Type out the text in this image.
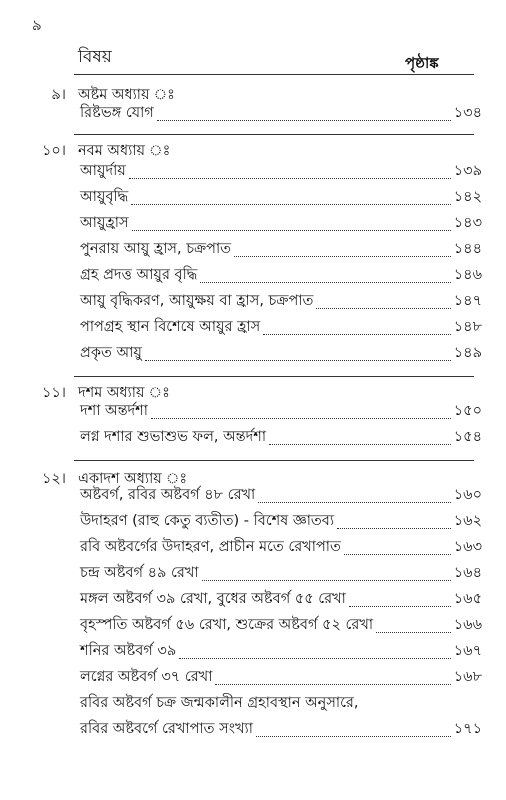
৯
বিষয়	পৃষ্ঠাঙ্ক
৯। অষ্টম অধ্যায় ঃ
রিষ্টভঙ্গ যোগ	১৩৪
১০। নবম অধ্যায় ঃ
আয়ুর্দায়	১৩৯
আয়ুবৃদ্ধি	১৪২
আয়ুহ্রাস	১৪৩
পুনরায় আয়ু হ্রাস, চক্রপাত	১৪৪
গ্রহ প্রদত্ত আয়ুর বৃদ্ধি	১৪৬
আয়ু বৃদ্ধিকরণ, আয়ুক্ষয় বা হ্রাস, চক্রপাত	১৪৭
পাপগ্রহ স্থান বিশেষে আয়ুর হ্রাস	১৪৮
প্রকৃত আয়ু	১৪৯
১১। দশম অধ্যায় ঃ
দশা অন্তর্দশা	১৫০
লগ্ন দশার শুভাশুভ ফল, অন্তর্দশা	১৫৪
১২। একাদশ অধ্যায় ঃ
অষ্টবর্গ, রবির অষ্টবর্গ ৪৮ রেখা	১৬০
উদাহরণ (রাহু কেতু ব্যতীত) - বিশেষ জ্ঞাতব্য	১৬২
রবি অষ্টবর্গের উদাহরণ, প্রাচীন মতে রেখাপাত	১৬৩
চন্দ্র অষ্টবর্গ ৪৯ রেখা	১৬৪
মঙ্গল অষ্টবর্গ ৩৯ রেখা, বুধের অষ্টবর্গ ৫৫ রেখা	১৬৫
বৃহস্পতি অষ্টবর্গ ৫৬ রেখা, শুক্রের অষ্টবর্গ ৫২ রেখা	১৬৬
শনির অষ্টবর্গ ৩৯	১৬৭
লগ্নের অষ্টবর্গ ৩৭ রেখা	১৬৮
রবির অষ্টবর্গ চক্র জন্মকালীন গ্রহাবস্থান অনুসারে,
রবির অষ্টবর্গে রেখাপাত সংখ্যা	১৭১
